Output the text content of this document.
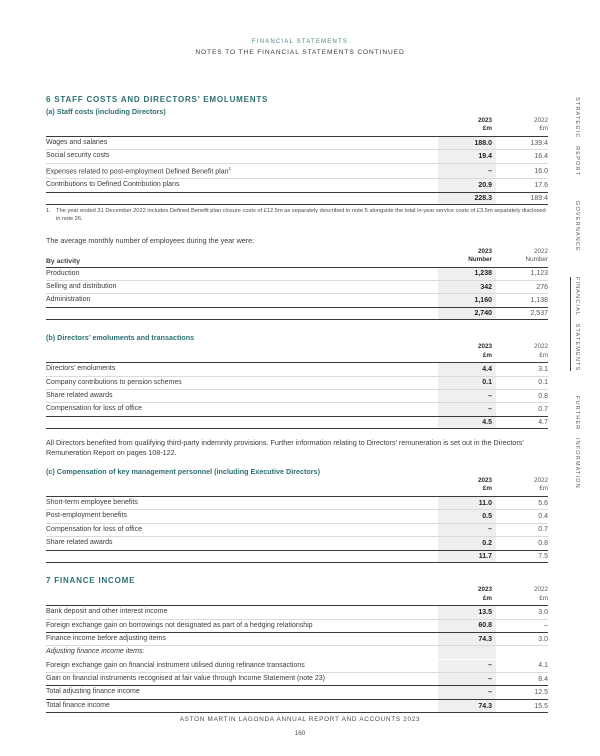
FINANCIAL STATEMENTS
NOTES TO THE FINANCIAL STATEMENTS CONTINUED
6 STAFF COSTS AND DIRECTORS’ EMOLUMENTS
(a) Staff costs (including Directors)
2023
£m
2022
£m
Wages and salaries	188.0	139.4
Social security costs	19.4	16.4
Expenses related to post-employment Defined Benefit plan$^1$	–	16.0
Contributions to Defined Contribution plans	20.9	17.6
228.3	189.4
1. The year ended 31 December 2022 includes Defined Benefit plan closure costs of £12.5m as separately described in note 5 alongside the total in-year service costs of £3.5m separately disclosed in note 26.
The average monthly number of employees during the year were:
By activity
2023
Number
2022
Number
Production	1,238	1,123
Selling and distribution	342	276
Administration	1,160	1,138
2,740	2,537
(b) Directors’ emoluments and transactions
2023
£m
2022
£m
Directors’ emoluments	4.4	3.1
Company contributions to pension schemes	0.1	0.1
Share related awards	–	0.8
Compensation for loss of office	–	0.7
4.5	4.7
All Directors benefited from qualifying third-party indemnity provisions. Further information relating to Directors’ remuneration is set out in the Directors’ Remuneration Report on pages 108-122.
(c) Compensation of key management personnel (including Executive Directors)
2023
£m
2022
£m
Short-term employee benefits	11.0	5.6
Post-employment benefits	0.5	0.4
Compensation for loss of office	–	0.7
Share related awards	0.2	0.8
11.7	7.5
7 FINANCE INCOME
2023
£m
2022
£m
Bank deposit and other interest income	13.5	3.0
Foreign exchange gain on borrowings not designated as part of a hedging relationship	60.8	–
Finance income before adjusting items	74.3	3.0
Adjusting finance income items:
Foreign exchange gain on financial instrument utilised during refinance transactions	–	4.1
Gain on financial instruments recognised at fair value through Income Statement (note 23)	–	8.4
Total adjusting finance income	–	12.5
Total finance income	74.3	15.5
STRATEGIC REPORT
GOVERNANCE
FINANCIAL STATEMENTS
FURTHER INFORMATION
ASTON MARTIN LAGONDA ANNUAL REPORT AND ACCOUNTS 2023
160
